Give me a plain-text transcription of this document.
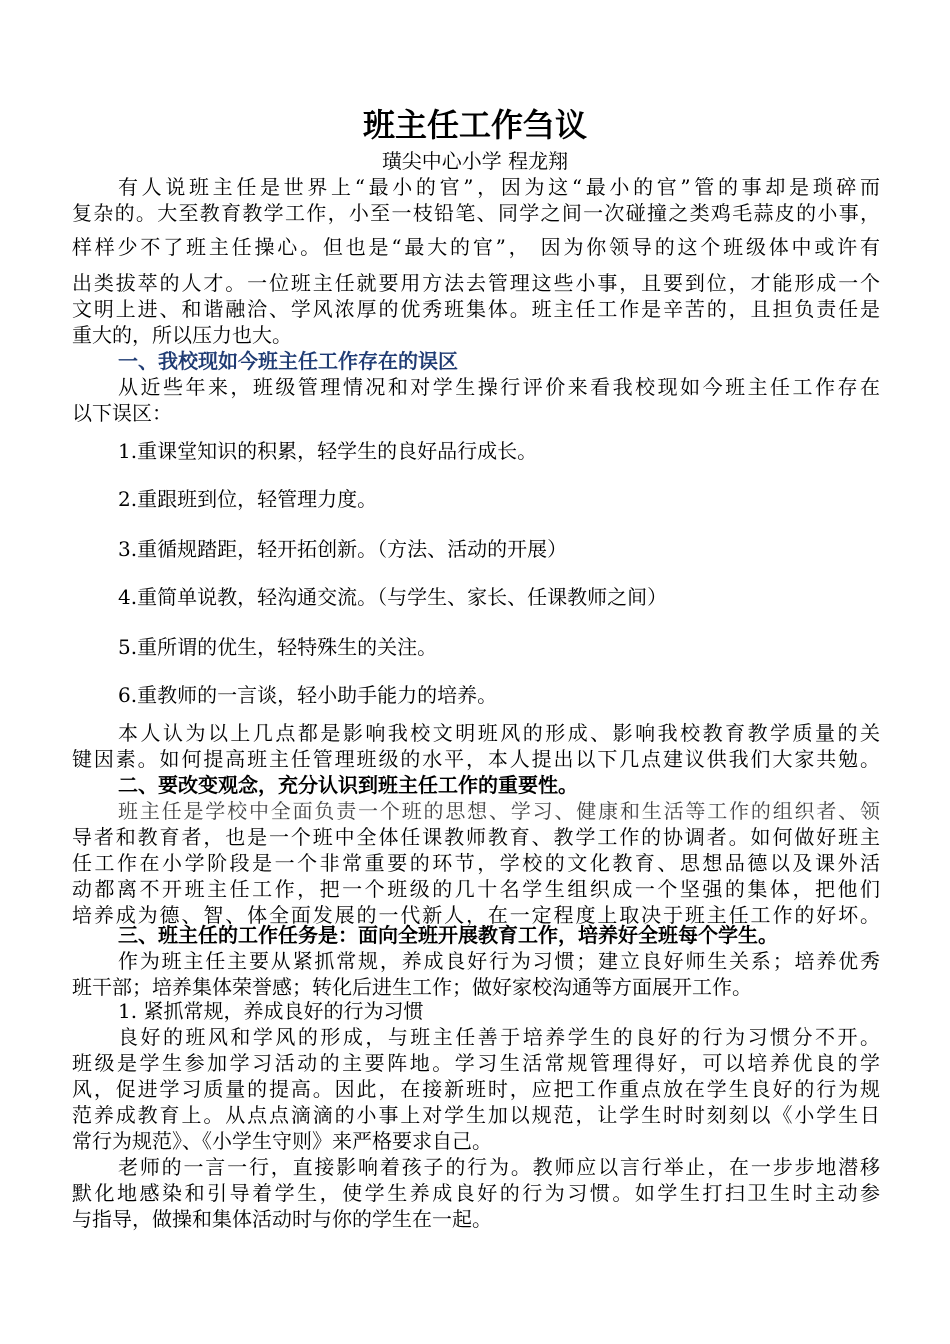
班主任工作刍议
璜尖中心小学 程龙翔
有人说班主任是世界上“最小的官”，因为这“最小的官”管的事却是琐碎而
复杂的。大至教育教学工作，小至一枝铅笔、同学之间一次碰撞之类鸡毛蒜皮的小事，
样样少不了班主任操心。但也是“最大的官”， 因为你领导的这个班级体中或许有
出类拔萃的人才。一位班主任就要用方法去管理这些小事，且要到位，才能形成一个
文明上进、和谐融洽、学风浓厚的优秀班集体。班主任工作是辛苦的，且担负责任是
重大的，所以压力也大。
一、我校现如今班主任工作存在的误区
从近些年来，班级管理情况和对学生操行评价来看我校现如今班主任工作存在
以下误区：
1.重课堂知识的积累，轻学生的良好品行成长。
2.重跟班到位，轻管理力度。
3.重循规踏距，轻开拓创新。（方法、活动的开展）
4.重简单说教，轻沟通交流。（与学生、家长、任课教师之间）
5.重所谓的优生，轻特殊生的关注。
6.重教师的一言谈，轻小助手能力的培养。
本人认为以上几点都是影响我校文明班风的形成、影响我校教育教学质量的关
键因素。如何提高班主任管理班级的水平，本人提出以下几点建议供我们大家共勉。
二、要改变观念，充分认识到班主任工作的重要性。
班主任是学校中全面负责一个班的思想、学习、健康和生活等工作的组织者、领
导者和教育者，也是一个班中全体任课教师教育、教学工作的协调者。如何做好班主
任工作在小学阶段是一个非常重要的环节，学校的文化教育、思想品德以及课外活
动都离不开班主任工作，把一个班级的几十名学生组织成一个坚强的集体，把他们
培养成为德、智、体全面发展的一代新人，在一定程度上取决于班主任工作的好坏。
三、班主任的工作任务是：面向全班开展教育工作，培养好全班每个学生。
作为班主任主要从紧抓常规，养成良好行为习惯；建立良好师生关系；培养优秀
班干部；培养集体荣誉感；转化后进生工作；做好家校沟通等方面展开工作。
1. 紧抓常规，养成良好的行为习惯
良好的班风和学风的形成，与班主任善于培养学生的良好的行为习惯分不开。
班级是学生参加学习活动的主要阵地。学习生活常规管理得好，可以培养优良的学
风，促进学习质量的提高。因此，在接新班时，应把工作重点放在学生良好的行为规
范养成教育上。从点点滴滴的小事上对学生加以规范，让学生时时刻刻以《小学生日
常行为规范》、《小学生守则》来严格要求自己。
老师的一言一行，直接影响着孩子的行为。教师应以言行举止，在一步步地潜移
默化地感染和引导着学生，使学生养成良好的行为习惯。如学生打扫卫生时主动参
与指导，做操和集体活动时与你的学生在一起。
